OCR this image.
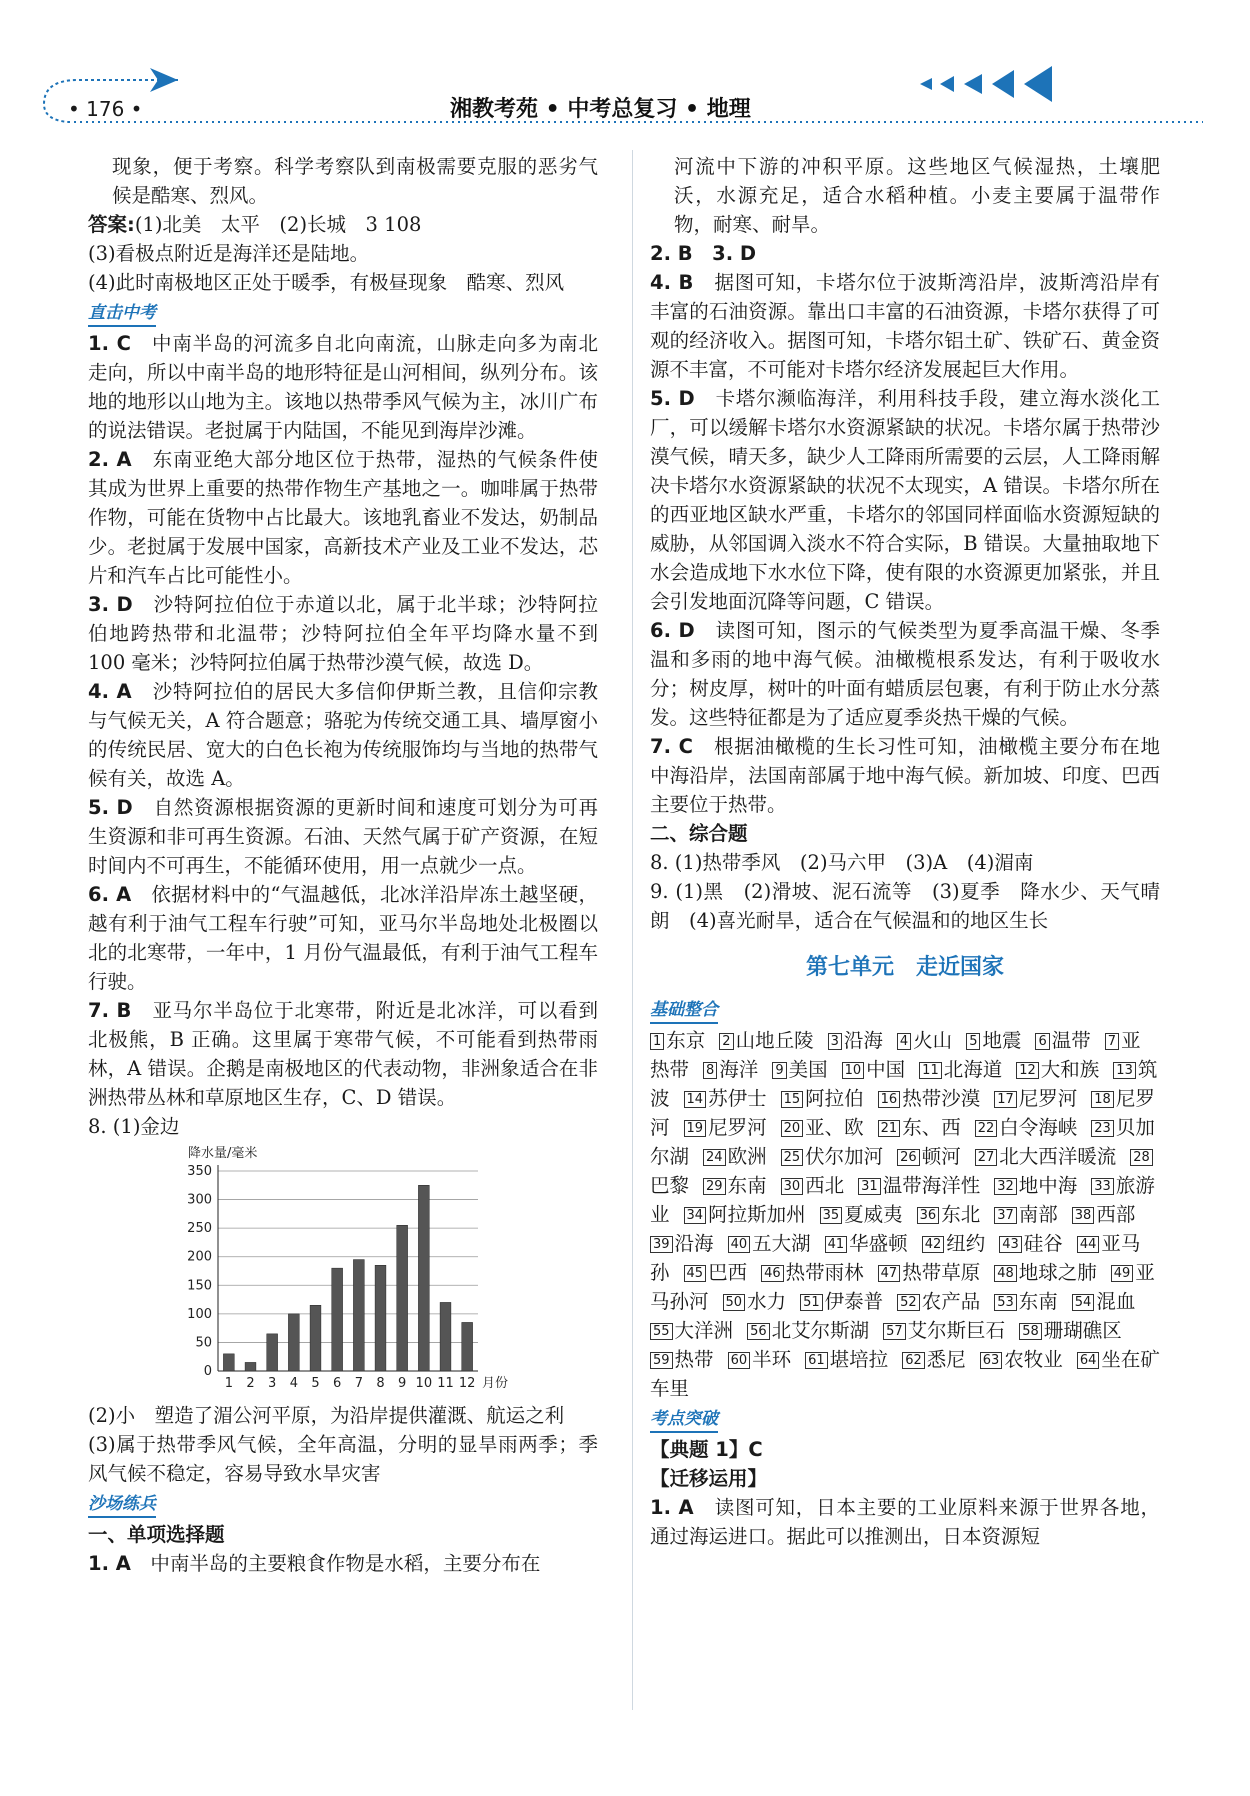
• 176 •	湘教考苑 • 中考总复习 • 地理

现象，便于考察。科学考察队到南极需要克服的恶劣气候是酷寒、烈风。

答案:(1)北美　太平　(2)长城　3 108

(3)看极点附近是海洋还是陆地。

(4)此时南极地区正处于暖季，有极昼现象　酷寒、烈风

直击中考

1. C　 中南半岛的河流多自北向南流，山脉走向多为南北走向，所以中南半岛的地形特征是山河相间，纵列分布。该地的地形以山地为主。该地以热带季风气候为主，冰川广布的说法错误。老挝属于内陆国，不能见到海岸沙滩。

2. A　 东南亚绝大部分地区位于热带，湿热的气候条件使其成为世界上重要的热带作物生产基地之一。咖啡属于热带作物，可能在货物中占比最大。该地乳畜业不发达，奶制品少。老挝属于发展中国家，高新技术产业及工业不发达，芯片和汽车占比可能性小。

3. D　 沙特阿拉伯位于赤道以北，属于北半球；沙特阿拉伯地跨热带和北温带；沙特阿拉伯全年平均降水量不到 100 毫米；沙特阿拉伯属于热带沙漠气候，故选 D。

4. A　 沙特阿拉伯的居民大多信仰伊斯兰教，且信仰宗教与气候无关，A 符合题意；骆驼为传统交通工具、墙厚窗小的传统民居、宽大的白色长袍为传统服饰均与当地的热带气候有关，故选 A。

5. D　 自然资源根据资源的更新时间和速度可划分为可再生资源和非可再生资源。石油、天然气属于矿产资源，在短时间内不可再生，不能循环使用，用一点就少一点。

6. A　 依据材料中的“气温越低，北冰洋沿岸冻土越坚硬，越有利于油气工程车行驶”可知，亚马尔半岛地处北极圈以北的北寒带，一年中，1 月份气温最低，有利于油气工程车行驶。

7. B　 亚马尔半岛位于北寒带，附近是北冰洋，可以看到北极熊，B 正确。这里属于寒带气候，不可能看到热带雨林，A 错误。企鹅是南极地区的代表动物，非洲象适合在非洲热带丛林和草原地区生存，C、D 错误。

8. (1)金边

0
50
100
150
200
250
300
350
降水量/毫米
1 2 3 4 5 6 7 8 9 10 11 12 月份

(2)小　塑造了湄公河平原，为沿岸提供灌溉、航运之利

(3)属于热带季风气候，全年高温，分明的显旱雨两季；季风气候不稳定，容易导致水旱灾害

沙场练兵

一、单项选择题

1. A　 中南半岛的主要粮食作物是水稻，主要分布在

河流中下游的冲积平原。这些地区气候湿热，土壤肥沃，水源充足，适合水稻种植。小麦主要属于温带作物，耐寒、耐旱。

2. B　3. D

4. B　 据图可知，卡塔尔位于波斯湾沿岸，波斯湾沿岸有丰富的石油资源。靠出口丰富的石油资源，卡塔尔获得了可观的经济收入。据图可知，卡塔尔铝土矿、铁矿石、黄金资源不丰富，不可能对卡塔尔经济发展起巨大作用。

5. D　 卡塔尔濒临海洋，利用科技手段，建立海水淡化工厂，可以缓解卡塔尔水资源紧缺的状况。卡塔尔属于热带沙漠气候，晴天多，缺少人工降雨所需要的云层，人工降雨解决卡塔尔水资源紧缺的状况不太现实，A 错误。卡塔尔所在的西亚地区缺水严重，卡塔尔的邻国同样面临水资源短缺的威胁，从邻国调入淡水不符合实际，B 错误。大量抽取地下水会造成地下水水位下降，使有限的水资源更加紧张，并且会引发地面沉降等问题，C 错误。

6. D　 读图可知，图示的气候类型为夏季高温干燥、冬季温和多雨的地中海气候。油橄榄根系发达，有利于吸收水分；树皮厚，树叶的叶面有蜡质层包裹，有利于防止水分蒸发。这些特征都是为了适应夏季炎热干燥的气候。

7. C　 根据油橄榄的生长习性可知，油橄榄主要分布在地中海沿岸，法国南部属于地中海气候。新加坡、印度、巴西主要位于热带。

二、综合题

8. (1)热带季风　(2)马六甲　(3)A　(4)湄南

9. (1)黑　(2)滑坡、泥石流等　(3)夏季　降水少、天气晴朗　(4)喜光耐旱，适合在气候温和的地区生长

第七单元　走近国家
基础整合
1 东京 2 山地丘陵 3 沿海 4 火山 5 地震 6 温带 7 亚热带 8 海洋 9 美国 10 中国 11 北海道 12 大和族 13 筑波 14 苏伊士 15 阿拉伯 16 热带沙漠 17 尼罗河 18 尼罗河 19 尼罗河 20 亚、欧 21 东、西 22 白令海峡 23 贝加尔湖 24 欧洲 25 伏尔加河 26 顿河 27 北大西洋暖流 28巴黎 29 东南 30 西北 31 温带海洋性 32 地中海 33 旅游业 34 阿拉斯加州 35 夏威夷 36 东北 37 南部 38 西部39 沿海 40 五大湖 41 华盛顿 42 纽约 43 硅谷 44 亚马孙 45 巴西 46 热带雨林 47 热带草原 48 地球之肺 49 亚马孙河 50 水力 51 伊泰普 52 农产品 53 东南 54 混血55 大洋洲 56 北艾尔斯湖 57 艾尔斯巨石 58 珊瑚礁区59 热带 60 半环 61 堪培拉 62 悉尼 63 农牧业 64 坐在矿车里
考点突破

【典题 1】C

【迁移运用】

1. A　 读图可知，日本主要的工业原料来源于世界各地，通过海运进口。据此可以推测出，日本资源短
